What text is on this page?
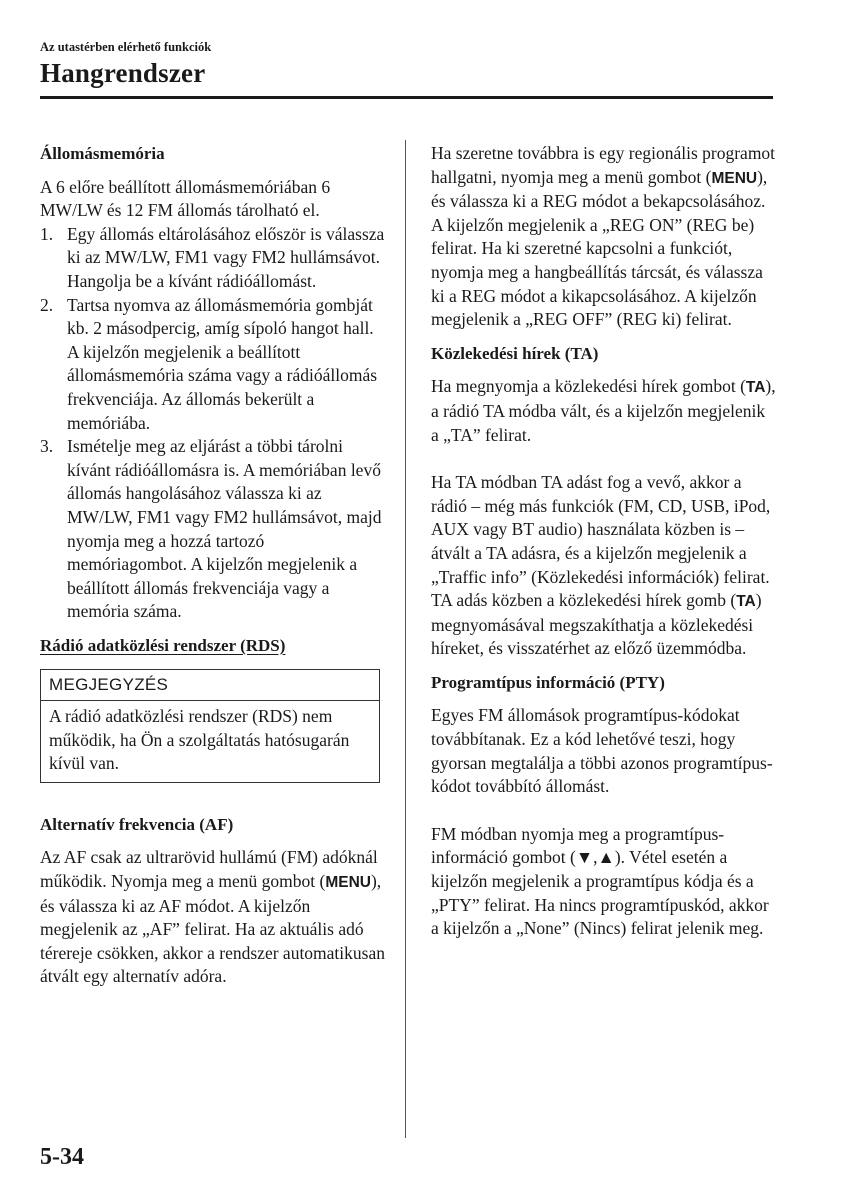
Az utastérben elérhető funkciók
Hangrendszer
Állomásmemória

A 6 előre beállított állomásmemóriában 6 MW/LW és 12 FM állomás tárolható el.

1. Egy állomás eltárolásához először is válassza ki az MW/LW, FM1 vagy FM2 hullámsávot. Hangolja be a kívánt rádióállomást.
2. Tartsa nyomva az állomásmemória gombját kb. 2 másodpercig, amíg sípoló hangot hall. A kijelzőn megjelenik a beállított állomásmemória száma vagy a rádióállomás frekvenciája. Az állomás bekerült a memóriába.
3. Ismételje meg az eljárást a többi tárolni kívánt rádióállomásra is. A memóriában levő állomás hangolásához válassza ki az MW/LW, FM1 vagy FM2 hullámsávot, majd nyomja meg a hozzá tartozó memóriagombot. A kijelzőn megjelenik a beállított állomás frekvenciája vagy a memória száma.
Rádió adatközlési rendszer (RDS)
MEGJEGYZÉS
A rádió adatközlési rendszer (RDS) nem működik, ha Ön a szolgáltatás hatósugarán kívül van.
Alternatív frekvencia (AF)

Az AF csak az ultrarövid hullámú (FM) adóknál működik. Nyomja meg a menü gombot (MENU), és válassza ki az AF módot. A kijelzőn megjelenik az „AF” felirat. Ha az aktuális adó térereje csökken, akkor a rendszer automatikusan átvált egy alternatív adóra.

Ha szeretne továbbra is egy regionális programot hallgatni, nyomja meg a menü gombot (MENU), és válassza ki a REG módot a bekapcsolásához. A kijelzőn megjelenik a „REG ON” (REG be) felirat. Ha ki szeretné kapcsolni a funkciót, nyomja meg a hangbeállítás tárcsát, és válassza ki a REG módot a kikapcsolásához. A kijelzőn megjelenik a „REG OFF” (REG ki) felirat.

Közlekedési hírek (TA)

Ha megnyomja a közlekedési hírek gombot (TA), a rádió TA módba vált, és a kijelzőn megjelenik a „TA” felirat.

Ha TA módban TA adást fog a vevő, akkor a rádió – még más funkciók (FM, CD, USB, iPod, AUX vagy BT audio) használata közben is – átvált a TA adásra, és a kijelzőn megjelenik a „Traffic info” (Közlekedési információk) felirat.

TA adás közben a közlekedési hírek gomb (TA) megnyomásával megszakíthatja a közlekedési híreket, és visszatérhet az előző üzemmódba.

Programtípus információ (PTY)

Egyes FM állomások programtípus-kódokat továbbítanak. Ez a kód lehetővé teszi, hogy gyorsan megtalálja a többi azonos programtípus-kódot továbbító állomást.

FM módban nyomja meg a programtípus-információ gombot (▼,▲). Vétel esetén a kijelzőn megjelenik a programtípus kódja és a „PTY” felirat. Ha nincs programtípuskód, akkor a kijelzőn a „None” (Nincs) felirat jelenik meg.

5-34
